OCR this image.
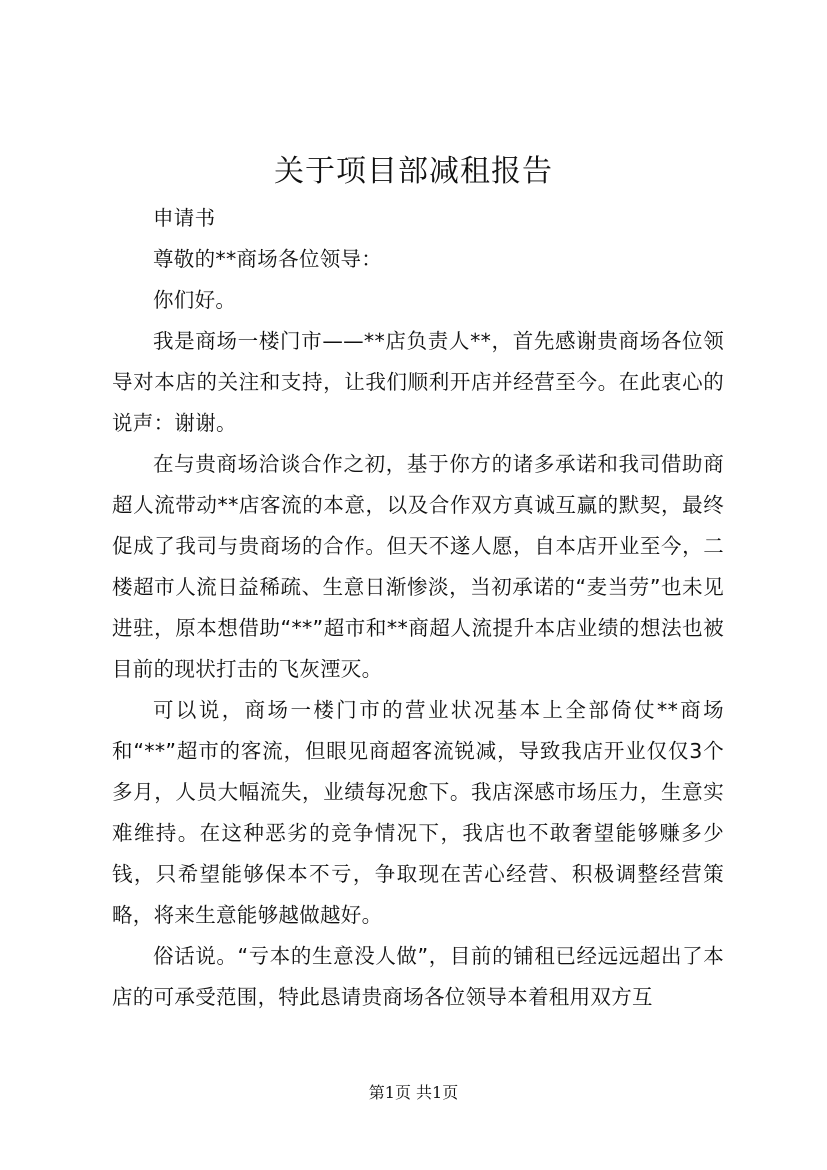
关于项目部减租报告

申请书

尊敬的**商场各位领导：

你们好。

我是商场一楼门市——**店负责人**，首先感谢贵商场各位领导对本店的关注和支持，让我们顺利开店并经营至今。在此衷心的说声：谢谢。

在与贵商场洽谈合作之初，基于你方的诸多承诺和我司借助商超人流带动**店客流的本意，以及合作双方真诚互赢的默契，最终促成了我司与贵商场的合作。但天不遂人愿，自本店开业至今，二楼超市人流日益稀疏、生意日渐惨淡，当初承诺的“麦当劳”也未见进驻，原本想借助“**”超市和**商超人流提升本店业绩的想法也被目前的现状打击的飞灰湮灭。

可以说，商场一楼门市的营业状况基本上全部倚仗**商场和“**”超市的客流，但眼见商超客流锐减，导致我店开业仅仅3个多月，人员大幅流失，业绩每况愈下。我店深感市场压力，生意实难维持。在这种恶劣的竞争情况下，我店也不敢奢望能够赚多少钱，只希望能够保本不亏，争取现在苦心经营、积极调整经营策略，将来生意能够越做越好。

俗话说。“亏本的生意没人做”，目前的铺租已经远远超出了本店的可承受范围，特此恳请贵商场各位领导本着租用双方互

第1页 共1页
